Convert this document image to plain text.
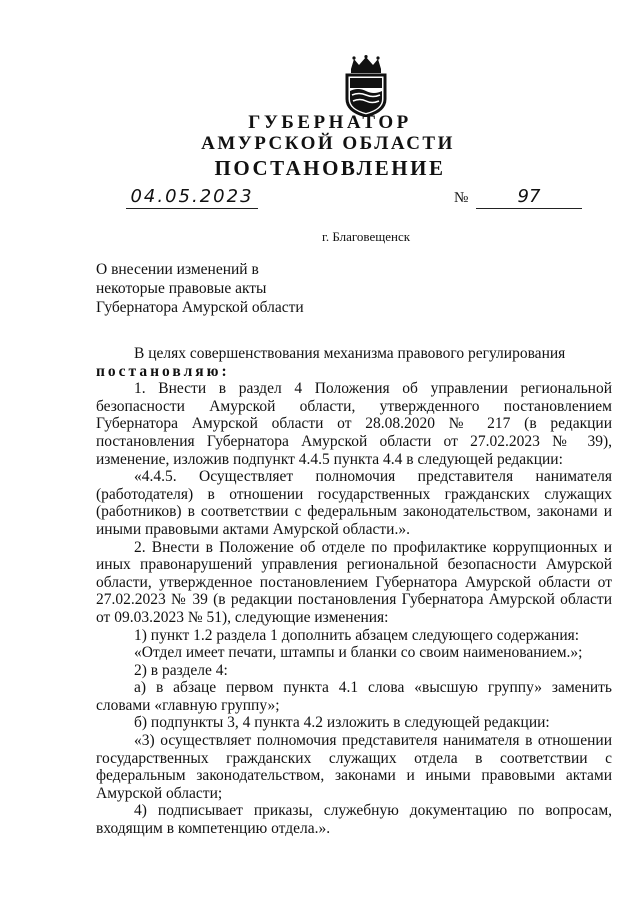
ГУБЕРНАТОР
АМУРСКОЙ ОБЛАСТИ
ПОСТАНОВЛЕНИЕ
04.05.2023	№	97
г. Благовещенск
О внесении изменений в
некоторые правовые акты
Губернатора Амурской области

В целях совершенствования механизма правового регулирования

постановляю:

1. Внести в раздел 4 Положения об управлении региональной безопасности Амурской области, утвержденного постановлением Губернатора Амурской области от 28.08.2020 № 217 (в редакции постановления Губернатора Амурской области от 27.02.2023 № 39), изменение, изложив подпункт 4.4.5 пункта 4.4 в следующей редакции:

«4.4.5. Осуществляет полномочия представителя нанимателя (работодателя) в отношении государственных гражданских служащих (работников) в соответствии с федеральным законодательством, законами и иными правовыми актами Амурской области.».

2. Внести в Положение об отделе по профилактике коррупционных и иных правонарушений управления региональной безопасности Амурской области, утвержденное постановлением Губернатора Амурской области от 27.02.2023 № 39 (в редакции постановления Губернатора Амурской области от 09.03.2023 № 51), следующие изменения:

1) пункт 1.2 раздела 1 дополнить абзацем следующего содержания:

«Отдел имеет печати, штампы и бланки со своим наименованием.»;

2) в разделе 4:

а) в абзаце первом пункта 4.1 слова «высшую группу» заменить словами «главную группу»;

б) подпункты 3, 4 пункта 4.2 изложить в следующей редакции:

«3) осуществляет полномочия представителя нанимателя в отношении государственных гражданских служащих отдела в соответствии с федеральным законодательством, законами и иными правовыми актами Амурской области;

4) подписывает приказы, служебную документацию по вопросам, входящим в компетенцию отдела.».
